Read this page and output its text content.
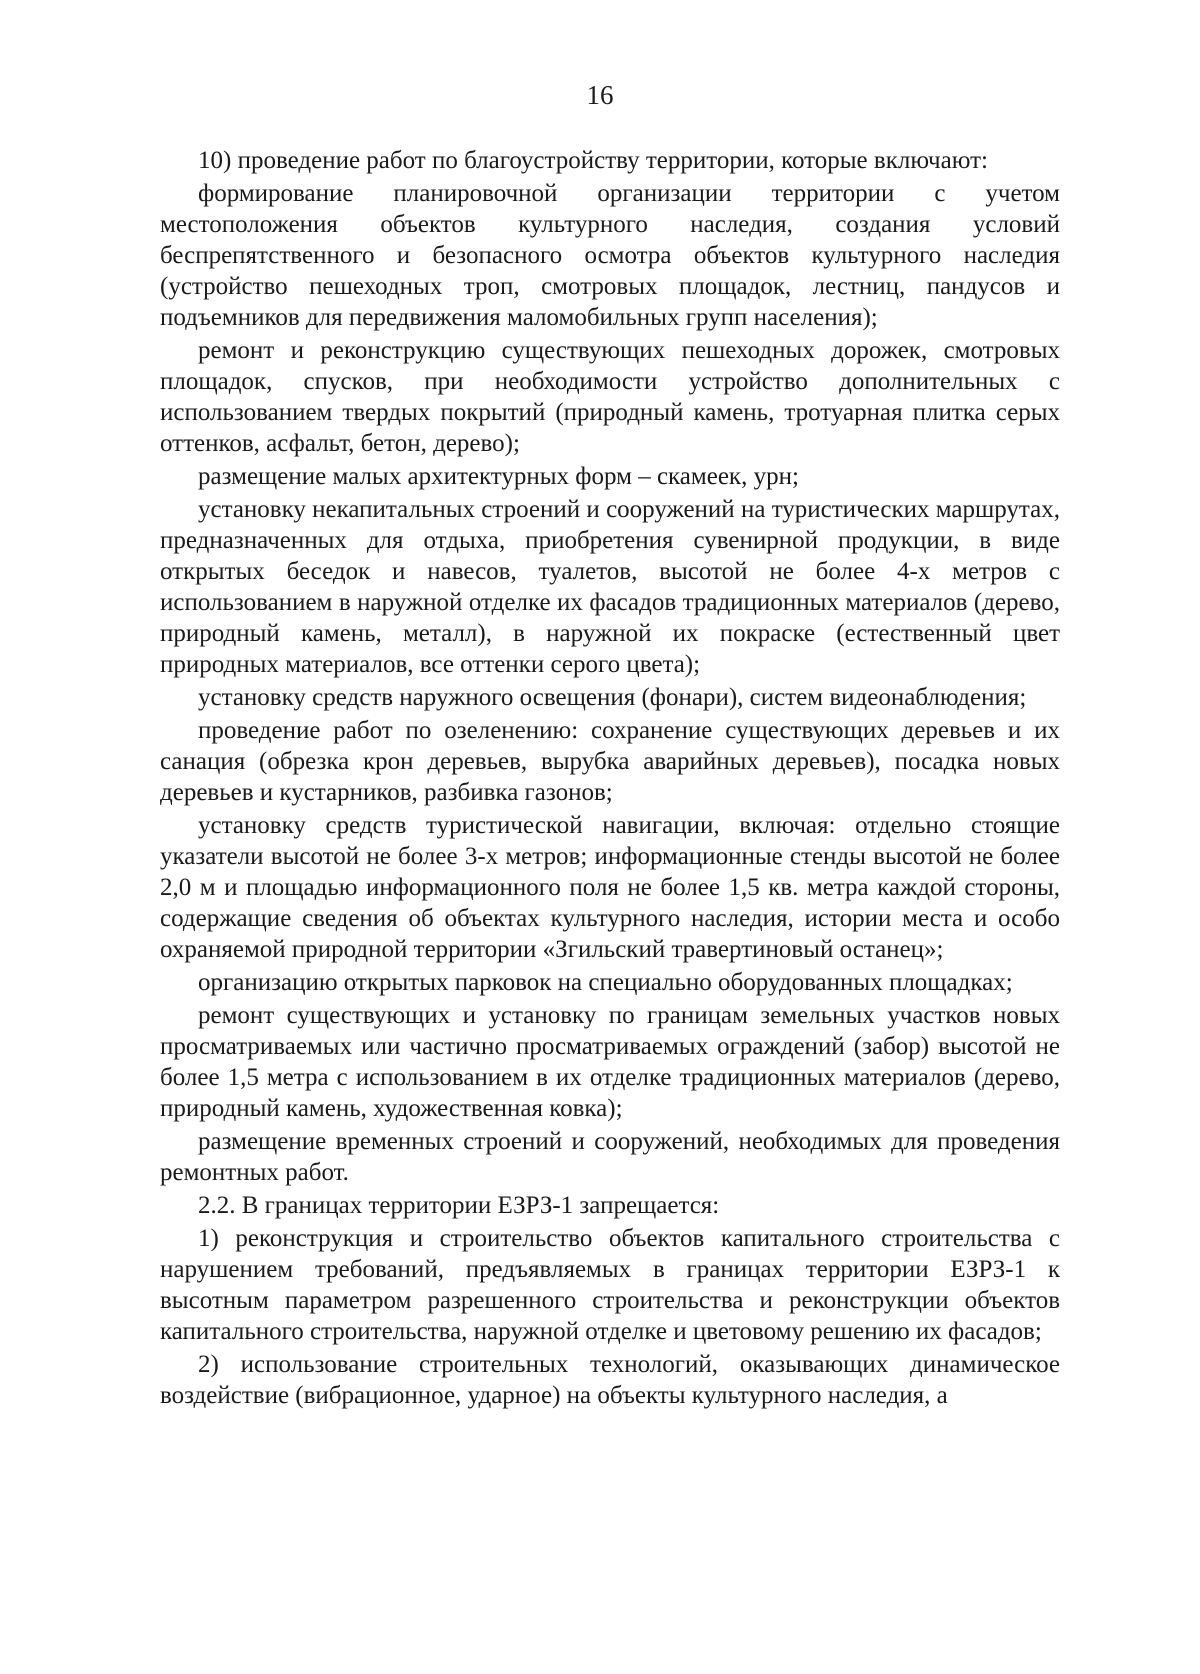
16

10) проведение работ по благоустройству территории, которые включают:

формирование планировочной организации территории с учетом местоположения объектов культурного наследия, создания условий беспрепятственного и безопасного осмотра объектов культурного наследия (устройство пешеходных троп, смотровых площадок, лестниц, пандусов и подъемников для передвижения маломобильных групп населения);

ремонт и реконструкцию существующих пешеходных дорожек, смотровых площадок, спусков, при необходимости устройство дополнительных с использованием твердых покрытий (природный камень, тротуарная плитка серых оттенков, асфальт, бетон, дерево);

размещение малых архитектурных форм – скамеек, урн;

установку некапитальных строений и сооружений на туристических маршрутах, предназначенных для отдыха, приобретения сувенирной продукции, в виде открытых беседок и навесов, туалетов, высотой не более 4-х метров с использованием в наружной отделке их фасадов традиционных материалов (дерево, природный камень, металл), в наружной их покраске (естественный цвет природных материалов, все оттенки серого цвета);

установку средств наружного освещения (фонари), систем видеонаблюдения;

проведение работ по озеленению: сохранение существующих деревьев и их санация (обрезка крон деревьев, вырубка аварийных деревьев), посадка новых деревьев и кустарников, разбивка газонов;

установку средств туристической навигации, включая: отдельно стоящие указатели высотой не более 3-х метров; информационные стенды высотой не более 2,0 м и площадью информационного поля не более 1,5 кв. метра каждой стороны, содержащие сведения об объектах культурного наследия, истории места и особо охраняемой природной территории «Згильский травертиновый останец»;

организацию открытых парковок на специально оборудованных площадках;

ремонт существующих и установку по границам земельных участков новых просматриваемых или частично просматриваемых ограждений (забор) высотой не более 1,5 метра с использованием в их отделке традиционных материалов (дерево, природный камень, художественная ковка);

размещение временных строений и сооружений, необходимых для проведения ремонтных работ.

2.2. В границах территории ЕЗРЗ-1 запрещается:

1) реконструкция и строительство объектов капитального строительства с нарушением требований, предъявляемых в границах территории ЕЗРЗ-1 к высотным параметром разрешенного строительства и реконструкции объектов капитального строительства, наружной отделке и цветовому решению их фасадов;

2) использование строительных технологий, оказывающих динамическое воздействие (вибрационное, ударное) на объекты культурного наследия, а
